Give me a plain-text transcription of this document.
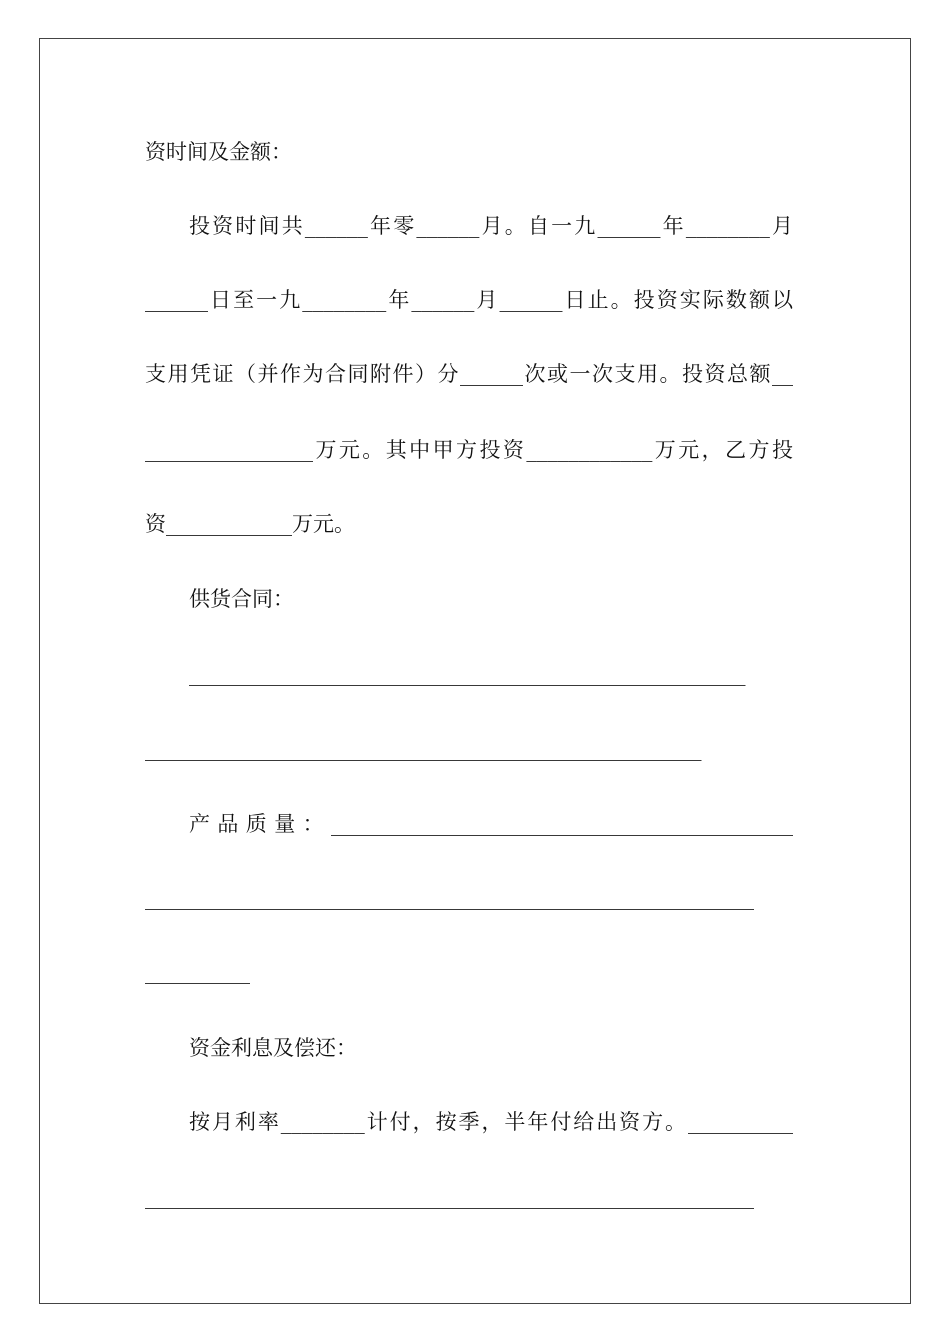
资时间及金额：
投资时间共______年零______月。自一九______年________月
______日至一九________年______月______日止。投资实际数额以
支用凭证（并作为合同附件）分______次或一次支用。投资总额__
________________万元。其中甲方投资____________万元，乙方投
资____________万元。
供货合同：
_____________________________________________________
_____________________________________________________
产品质量：____________________________________________
__________________________________________________________
__________
资金利息及偿还：
按月利率________计付，按季，半年付给出资方。__________
__________________________________________________________
